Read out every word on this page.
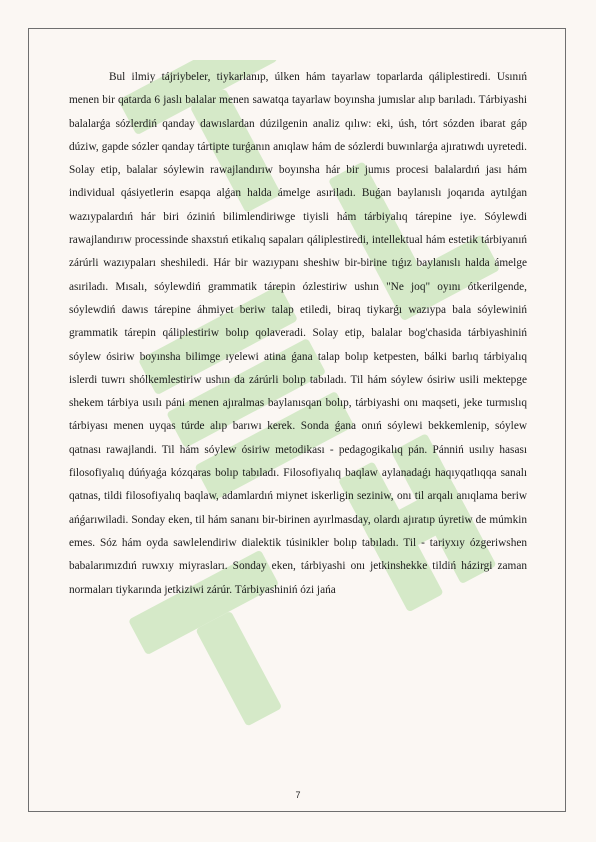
Bul ilmiy tájriybeler, tiykarlanıp, úlken hám tayarlaw toparlarda qáliplestiredi. Usınıń menen bir qatarda 6 jaslı balalar menen sawatqa tayarlaw boyınsha jumıslar alıp barıladı. Tárbiyashi balalarǵa sózlerdiń qanday dawıslardan dúzilgenin analiz qılıw: eki, úsh, tórt sózden ibarat gáp dúziw, gapde sózler qanday tártipte turǵanın anıqlaw hám de sózlerdi buwınlarǵa ajıratıwdı uyretedi. Solay etip, balalar sóylewin rawajlandırıw boyınsha hár bir jumıs procesi balalardıń jası hám individual qásiyetlerin esapqa alǵan halda ámelge asıriladı. Buǵan baylanıslı joqarıda aytılǵan wazıypalardıń hár biri óziniń bilimlendiriwge tiyisli hám tárbiyalıq tárepine iye. Sóylewdi rawajlandırıw processinde shaxstıń etikalıq sapaları qáliplestiredi, intellektual hám estetik tárbiyanıń zárúrli wazıypaları sheshiledi. Hár bir wazıypanı sheshiw bir-birine tıǵız baylanıslı halda ámelge asıriladı. Mısalı, sóylewdiń grammatik tárepin ózlestiriw ushın "Ne joq" oyını ótkerilgende, sóylewdiń dawıs tárepine áhmiyet beriw talap etiledi, biraq tiykarǵı wazıypa bala sóylewiniń grammatik tárepin qáliplestiriw bolıp qolaveradi. Solay etip, balalar bog'chasida tárbiyashiniń sóylew ósiriw boyınsha bilimge ıyelewi atina ǵana talap bolıp ketpesten, bálki barlıq tárbiyalıq islerdi tuwrı shólkemlestiriw ushın da zárúrli bolıp tabıladı. Til hám sóylew ósiriw usili mektepge shekem tárbiya usılı páni menen ajıralmas baylanısqan bolıp, tárbiyashi onı maqseti, jeke turmıslıq tárbiyası menen uyqas túrde alıp barıwı kerek. Sonda ǵana onıń sóylewi bekkemlenip, sóylew qatnası rawajlandi. Til hám sóylew ósiriw metodikası - pedagogikalıq pán. Pánniń usılıy hasası filosofiyalıq dúńyaǵa kózqaras bolıp tabıladı. Filosofiyalıq baqlaw aylanadaǵı haqıyqatlıqqa sanalı qatnas, tildi filosofiyalıq baqlaw, adamlardıń miynet iskerligin seziniw, onı til arqalı anıqlama beriw ańǵarıwiladi. Sonday eken, til hám sananı bir-birinen ayırlmasday, olardı ajıratıp úyretiw de múmkin emes. Sóz hám oyda sawlelendiriw dialektik túsinikler bolıp tabıladı. Til - tariyxıy ózgeriwshen babalarımızdıń ruwxıy miyrasları. Sonday eken, tárbiyashi onı jetkinshekke tildiń házirgi zaman normaları tiykarında jetkiziwi zárúr. Tárbiyashiniń ózi jańa

7
